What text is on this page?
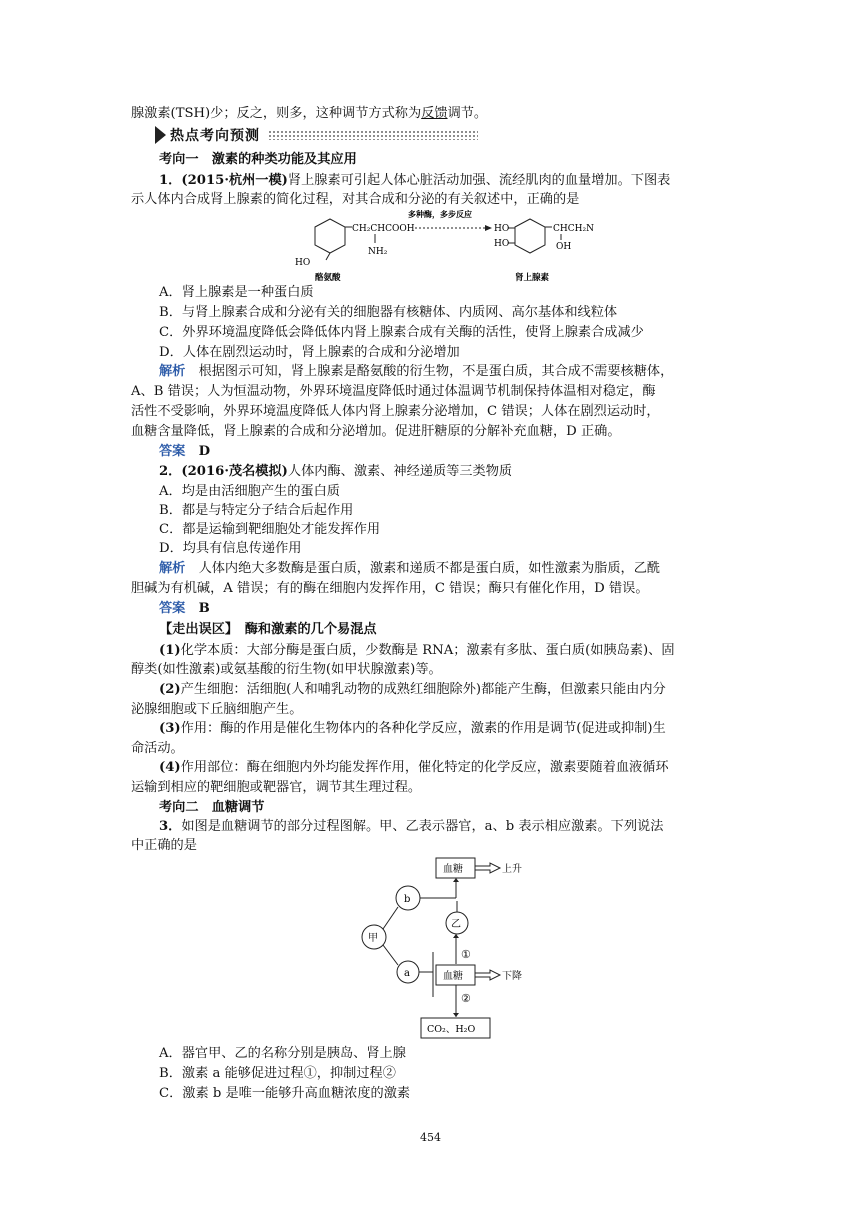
腺激素(TSH)少；反之，则多，这种调节方式称为反馈调节。
热点考向预测
考向一　激素的种类功能及其应用
1．(2015·杭州一模)肾上腺素可引起人体心脏活动加强、流经肌肉的血量增加。下图表
示人体内合成肾上腺素的简化过程，对其合成和分泌的有关叙述中，正确的是
HO
CH₂CHCOOH
NH₂
酪氨酸
多种酶，多步反应
HO
HO
CHCH₂N
OH
肾上腺素
A．肾上腺素是一种蛋白质
B．与肾上腺素合成和分泌有关的细胞器有核糖体、内质网、高尔基体和线粒体
C．外界环境温度降低会降低体内肾上腺素合成有关酶的活性，使肾上腺素合成减少
D．人体在剧烈运动时，肾上腺素的合成和分泌增加
解析　 根据图示可知，肾上腺素是酪氨酸的衍生物，不是蛋白质，其合成不需要核糖体，
A、B 错误；人为恒温动物，外界环境温度降低时通过体温调节机制保持体温相对稳定，酶
活性不受影响，外界环境温度降低人体内肾上腺素分泌增加，C 错误；人体在剧烈运动时，
血糖含量降低，肾上腺素的合成和分泌增加。促进肝糖原的分解补充血糖，D 正确。
答案　 D
2．(2016·茂名模拟)人体内酶、激素、神经递质等三类物质
A．均是由活细胞产生的蛋白质
B．都是与特定分子结合后起作用
C．都是运输到靶细胞处才能发挥作用
D．均具有信息传递作用
解析　 人体内绝大多数酶是蛋白质，激素和递质不都是蛋白质，如性激素为脂质，乙酰
胆碱为有机碱，A 错误；有的酶在细胞内发挥作用，C 错误；酶只有催化作用，D 错误。
答案　 B
【走出误区】　 酶和激素的几个易混点
(1)化学本质：大部分酶是蛋白质，少数酶是 RNA；激素有多肽、蛋白质(如胰岛素)、固
醇类(如性激素)或氨基酸的衍生物(如甲状腺激素)等。
(2)产生细胞：活细胞(人和哺乳动物的成熟红细胞除外)都能产生酶，但激素只能由内分
泌腺细胞或下丘脑细胞产生。
(3)作用：酶的作用是催化生物体内的各种化学反应，激素的作用是调节(促进或抑制)生
命活动。
(4)作用部位：酶在细胞内外均能发挥作用，催化特定的化学反应，激素要随着血液循环
运输到相应的靶细胞或靶器官，调节其生理过程。
考向二　血糖调节
3．如图是血糖调节的部分过程图解。甲、乙表示器官，a、b 表示相应激素。下列说法
中正确的是
血糖	上升
b
乙
甲
a
①
血糖	下降
②
CO₂、H₂O
A．器官甲、乙的名称分别是胰岛、肾上腺
B．激素 a 能够促进过程①，抑制过程②
C．激素 b 是唯一能够升高血糖浓度的激素
454
